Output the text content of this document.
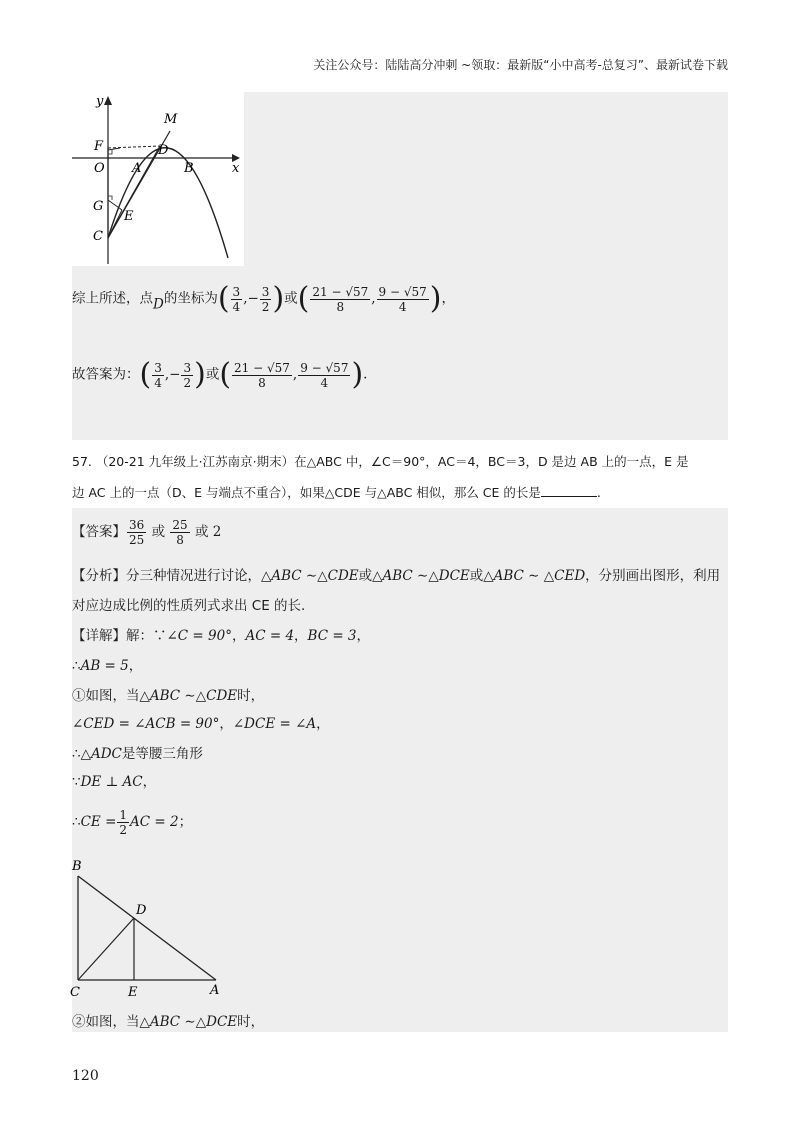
关注公众号：陆陆高分冲刺 ~领取：最新版“小中高考-总复习”、最新试卷下载
y
x
M
F	D
O A	B
G
E
C
综上所述，点D的坐标为( $\frac{3}{4}$ ,− $\frac{3}{2}$ )或( $\frac{21 - √57}{8}$ , $\frac{9 - √57}{4}$ )，
故答案为：( $\frac{3}{4}$ ,− $\frac{3}{2}$ )或( $\frac{21 - √57}{8}$ , $\frac{9 - √57}{4}$ ).
57. （20-21 九年级上·江苏南京·期末）在△ABC 中，∠C＝90°，AC＝4，BC＝3，D 是边 AB 上的一点，E 是
边 AC 上的一点（D、E 与端点不重合），如果△CDE 与△ABC 相似，那么 CE 的长是	.
【答案】 $\frac{36}{25}$ 或 $\frac{25}{8}$ 或 2
【分析】分三种情况进行讨论，△ABC ∼△CDE或△ABC ∼△DCE或△ABC ∼ △CED，分别画出图形，利用
对应边成比例的性质列式求出 CE 的长.
【详解】解：∵∠C = 90°，AC = 4，BC = 3，
∴AB = 5，
①如图，当△ABC ∼△CDE时，
∠CED = ∠ACB = 90°，∠DCE = ∠A，
∴△ADC是等腰三角形
∵DE ⊥ AC，
∴CE = $\frac{1}{2}$ AC = 2；
B
D
C	E	A
②如图，当△ABC ∼△DCE时，
120
